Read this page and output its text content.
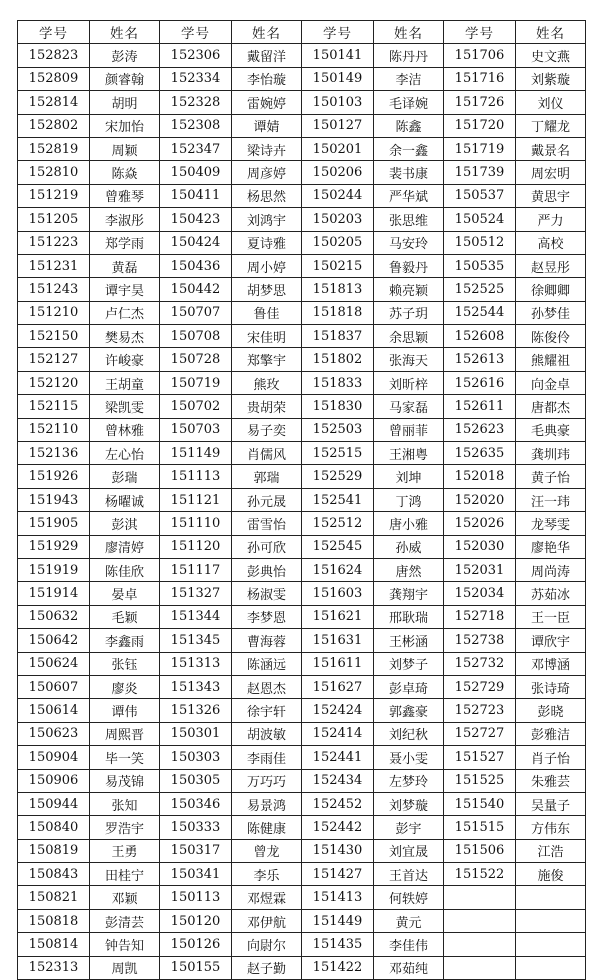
学号	姓名	学号	姓名	学号	姓名	学号	姓名
152823	彭涛	152306	戴留洋	150141	陈丹丹	151706	史文燕
152809	颜睿翰	152334	李怡璇	150149	李洁	151716	刘紫璇
152814	胡明	152328	雷婉婷	150103	毛译婉	151726	刘仪
152802	宋加怡	152308	谭婧	150127	陈鑫	151720	丁耀龙
152819	周颖	152347	梁诗卉	150201	余一鑫	151719	戴景名
152810	陈焱	150409	周彦婷	150206	裴书康	151739	周宏明
151219	曾雅琴	150411	杨思然	150244	严华斌	150537	黄思宇
151205	李淑彤	150423	刘鸿宇	150203	张思维	150524	严力
151223	郑学雨	150424	夏诗雅	150205	马安玲	150512	高校
151231	黄磊	150436	周小婷	150215	鲁毅丹	150535	赵昱彤
151243	谭宇昊	150442	胡梦思	151813	赖亮颖	152525	徐卿卿
151210	卢仁杰	150707	鲁佳	151818	苏子玥	152544	孙梦佳
152150	樊易杰	150708	宋佳明	151837	余思颖	152608	陈俊伶
152127	许峻豪	150728	郑擎宇	151802	张海天	152613	熊耀祖
152120	王胡童	150719	熊玫	151833	刘昕梓	152616	向金卓
152115	梁凯雯	150702	贵胡荣	151830	马家磊	152611	唐都杰
152110	曾林雅	150703	易子奕	152503	曾丽菲	152623	毛典豪
152136	左心怡	151149	肖儒风	152515	王湘粤	152635	龚圳玮
151926	彭瑞	151113	郭瑞	152529	刘坤	152018	黄子怡
151943	杨曜诚	151121	孙元晟	152541	丁鸿	152020	汪一玮
151905	彭淇	151110	雷雪怡	152512	唐小雅	152026	龙琴雯
151929	廖清婷	151120	孙可欣	152545	孙威	152030	廖艳华
151919	陈佳欣	151117	彭典怡	151624	唐然	152031	周尚涛
151914	晏卓	151327	杨淑雯	151603	龚翔宇	152034	苏茹冰
150632	毛颖	151344	李梦恩	151621	邢耿瑞	152718	王一臣
150642	李鑫雨	151345	曹海蓉	151631	王彬涵	152738	谭欣宇
150624	张钰	151313	陈涵远	151611	刘梦子	152732	邓博涵
150607	廖炎	151343	赵恩杰	151627	彭卓琦	152729	张诗琦
150614	谭伟	151326	徐宇轩	152424	郭鑫豪	152723	彭晓
150623	周熙晋	150301	胡波敏	152414	刘纪秋	152727	彭雅洁
150904	毕一笑	150303	李雨佳	152441	聂小雯	151527	肖子怡
150906	易茂锦	150305	万巧巧	152434	左梦玲	151525	朱雅芸
150944	张知	150346	易景鸿	152452	刘梦璇	151540	吴量子
150840	罗浩宇	150333	陈健康	152442	彭宇	151515	方伟东
150819	王勇	150317	曾龙	151430	刘宜晟	151506	江浩
150843	田桂宁	150341	李乐	151427	王首达	151522	施俊
150821	邓颖	150113	邓煜霖	151413	何轶婷		
150818	彭清芸	150120	邓伊航	151449	黄元		
150814	钟告知	150126	向尉尔	151435	李佳伟		
152313	周凯	150155	赵子勤	151422	邓茹纯		
